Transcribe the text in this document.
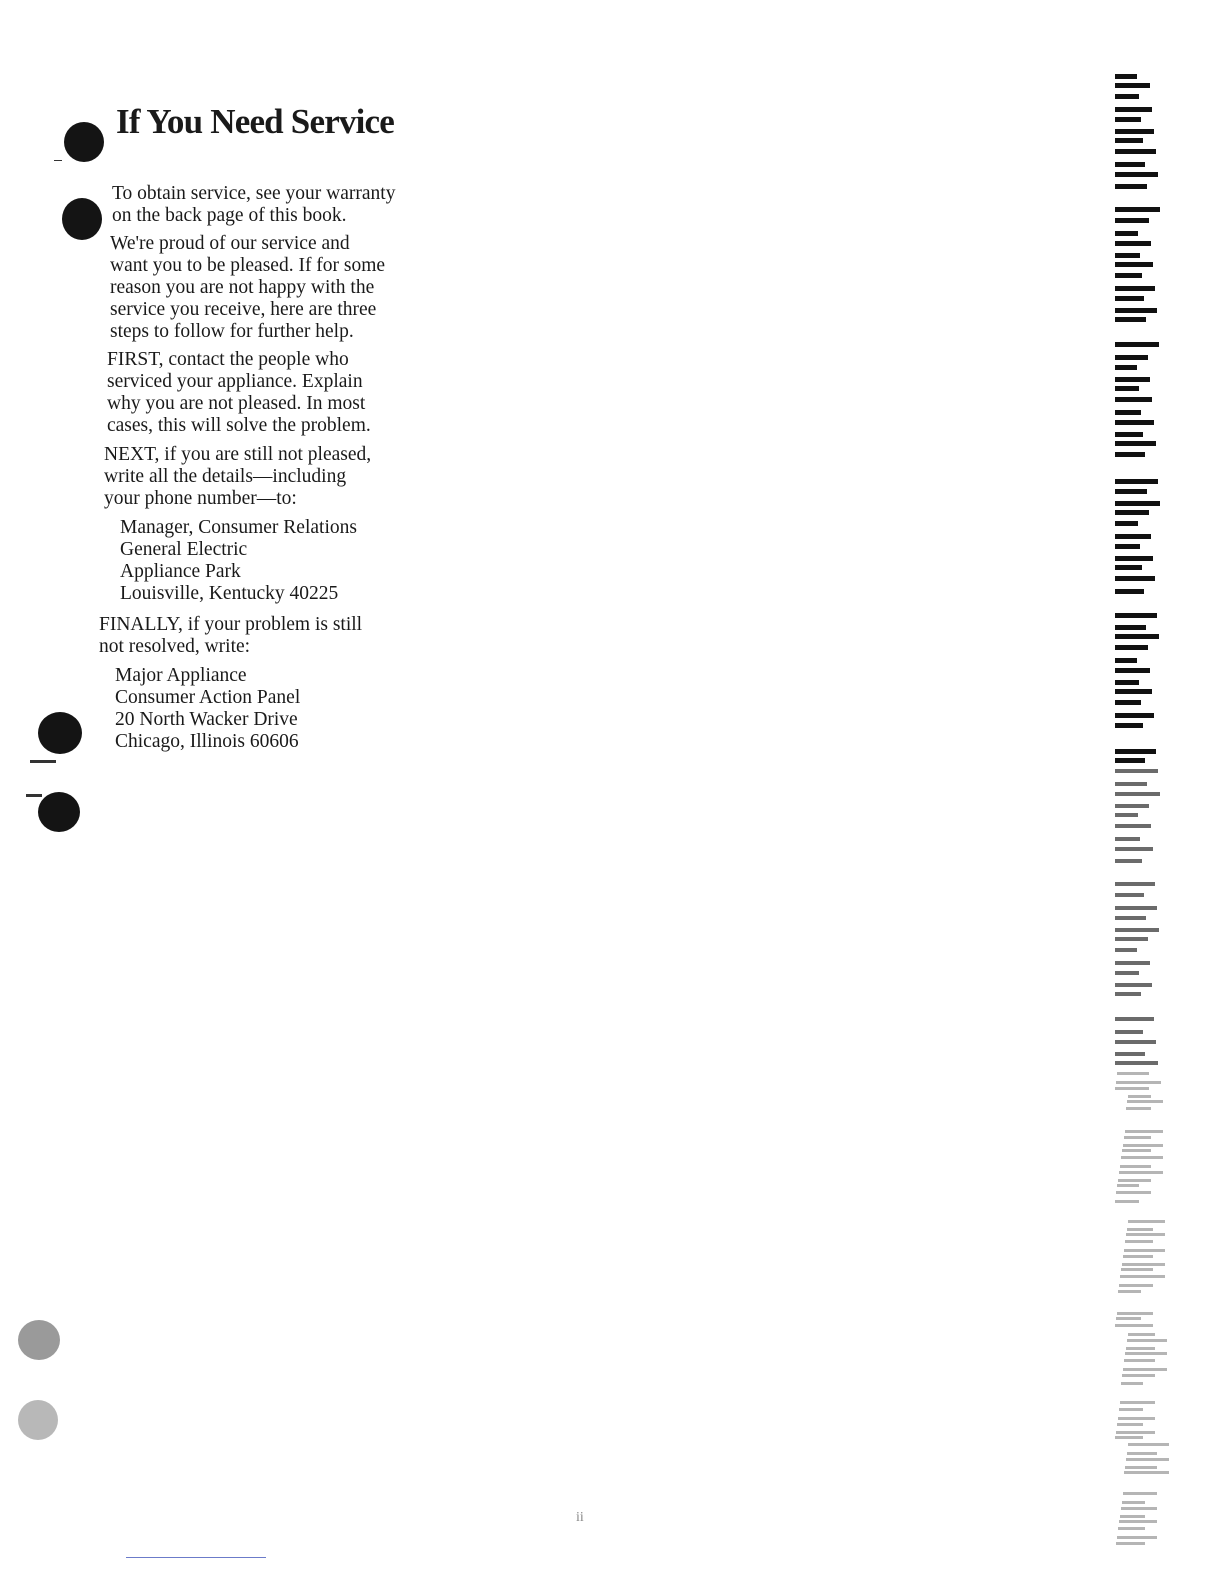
If You Need Service

To obtain service, see your warranty
on the back page of this book.

We're proud of our service and
want you to be pleased. If for some
reason you are not happy with the
service you receive, here are three
steps to follow for further help.

FIRST, contact the people who
serviced your appliance. Explain
why you are not pleased. In most
cases, this will solve the problem.

NEXT, if you are still not pleased,
write all the details—including
your phone number—to:

Manager, Consumer Relations
General Electric
Appliance Park
Louisville, Kentucky 40225

FINALLY, if your problem is still
not resolved, write:

Major Appliance
Consumer Action Panel
20 North Wacker Drive
Chicago, Illinois 60606

ii
